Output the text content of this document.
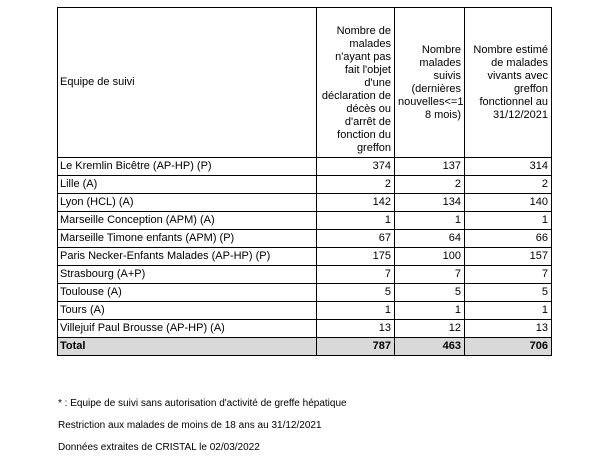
Equipe de suivi	Nombre de malades n'ayant pas fait l'objet d'une déclaration de décès ou d'arrêt de fonction du greffon	Nombre malades suivis (dernières nouvelles<=1 8 mois)	Nombre estimé de malades vivants avec greffon fonctionnel au 31/12/2021
Le Kremlin Bicêtre (AP-HP) (P)	374	137	314
Lille (A)	2	2	2
Lyon (HCL) (A)	142	134	140
Marseille Conception (APM) (A)	1	1	1
Marseille Timone enfants (APM) (P)	67	64	66
Paris Necker-Enfants Malades (AP-HP) (P)	175	100	157
Strasbourg (A+P)	7	7	7
Toulouse (A)	5	5	5
Tours (A)	1	1	1
Villejuif Paul Brousse (AP-HP) (A)	13	12	13
Total	787	463	706
* : Equipe de suivi sans autorisation d'activité de greffe hépatique
Restriction aux malades de moins de 18 ans au 31/12/2021
Données extraites de CRISTAL le 02/03/2022
